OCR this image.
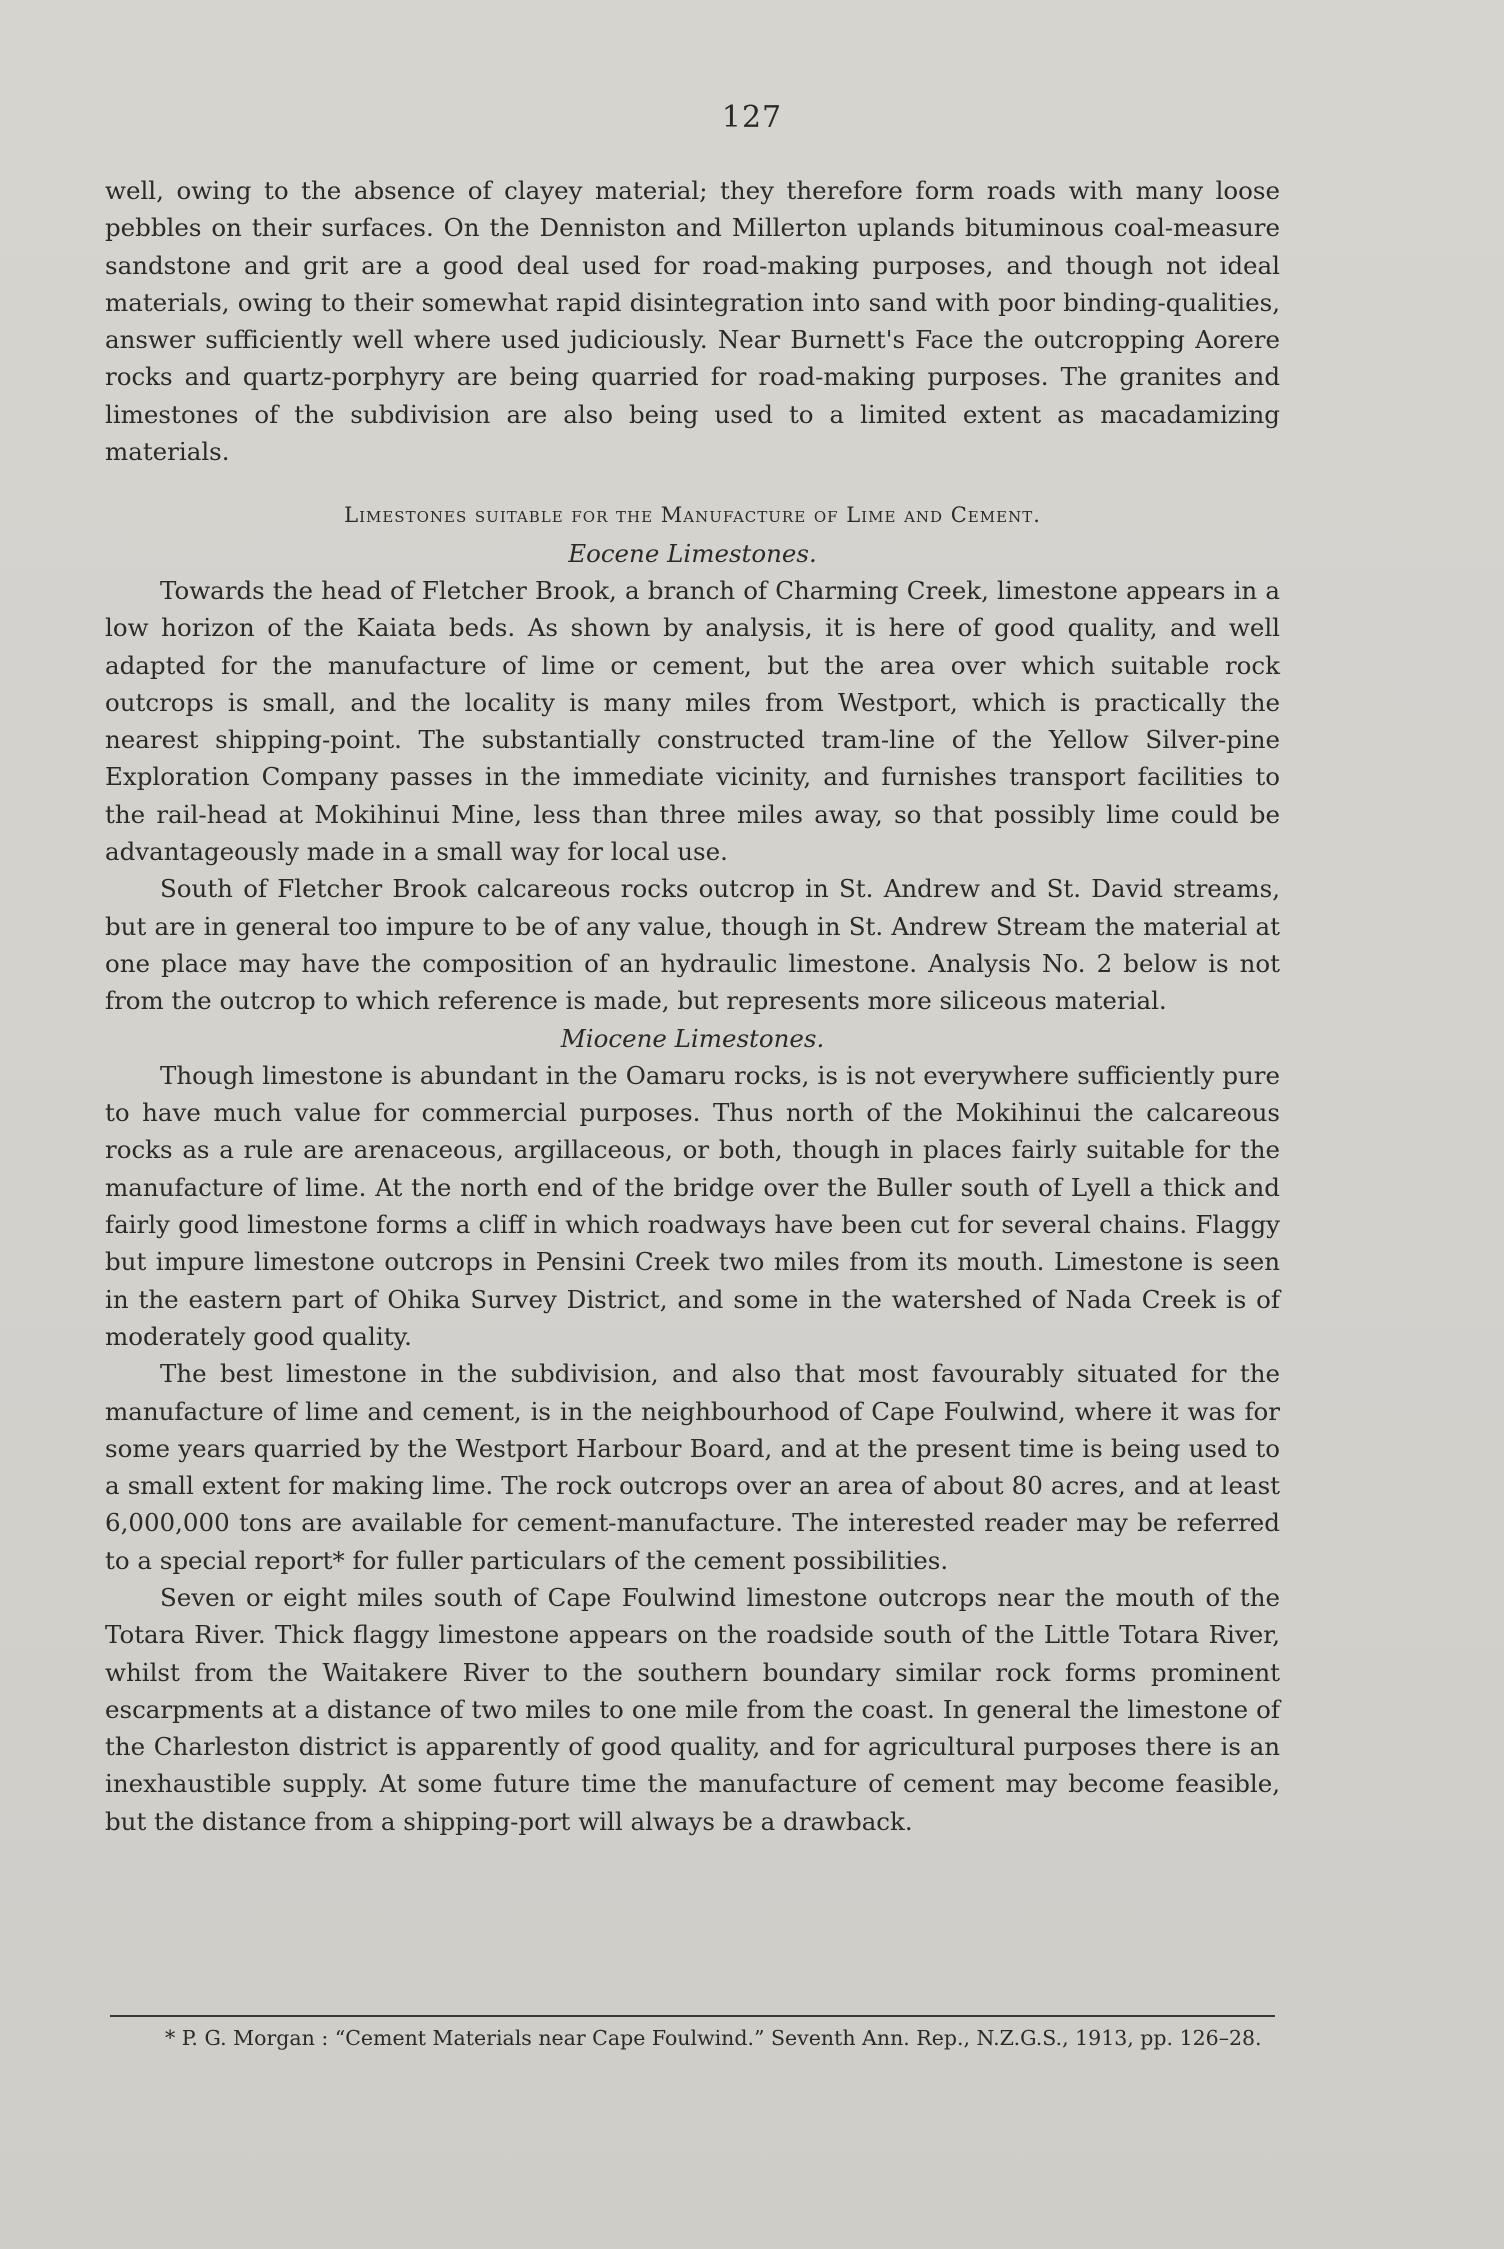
127

well, owing to the absence of clayey material; they therefore form roads with many loose pebbles on their surfaces. On the Denniston and Millerton uplands bituminous coal-measure sandstone and grit are a good deal used for road-making purposes, and though not ideal materials, owing to their somewhat rapid disintegration into sand with poor binding-qualities, answer sufficiently well where used judiciously. Near Burnett's Face the outcropping Aorere rocks and quartz-porphyry are being quarried for road-making purposes. The granites and limestones of the subdivision are also being used to a limited extent as macadamizing materials.

Limestones suitable for the Manufacture of Lime and Cement.

Eocene Limestones.

Towards the head of Fletcher Brook, a branch of Charming Creek, limestone appears in a low horizon of the Kaiata beds. As shown by analysis, it is here of good quality, and well adapted for the manufacture of lime or cement, but the area over which suitable rock outcrops is small, and the locality is many miles from Westport, which is practically the nearest shipping-point. The substantially constructed tram-line of the Yellow Silver-pine Exploration Company passes in the immediate vicinity, and furnishes transport facilities to the rail-head at Mokihinui Mine, less than three miles away, so that possibly lime could be advantageously made in a small way for local use.

South of Fletcher Brook calcareous rocks outcrop in St. Andrew and St. David streams, but are in general too impure to be of any value, though in St. Andrew Stream the material at one place may have the composition of an hydraulic limestone. Analysis No. 2 below is not from the outcrop to which reference is made, but represents more siliceous material.

Miocene Limestones.

Though limestone is abundant in the Oamaru rocks, is is not everywhere sufficiently pure to have much value for commercial purposes. Thus north of the Mokihinui the calcareous rocks as a rule are arenaceous, argillaceous, or both, though in places fairly suitable for the manufacture of lime. At the north end of the bridge over the Buller south of Lyell a thick and fairly good limestone forms a cliff in which roadways have been cut for several chains. Flaggy but impure limestone outcrops in Pensini Creek two miles from its mouth. Limestone is seen in the eastern part of Ohika Survey District, and some in the watershed of Nada Creek is of moderately good quality.

The best limestone in the subdivision, and also that most favourably situated for the manufacture of lime and cement, is in the neighbourhood of Cape Foulwind, where it was for some years quarried by the Westport Harbour Board, and at the present time is being used to a small extent for making lime. The rock outcrops over an area of about 80 acres, and at least 6,000,000 tons are available for cement-manufacture. The interested reader may be referred to a special report* for fuller particulars of the cement possibilities.

Seven or eight miles south of Cape Foulwind limestone outcrops near the mouth of the Totara River. Thick flaggy limestone appears on the roadside south of the Little Totara River, whilst from the Waitakere River to the southern boundary similar rock forms prominent escarpments at a distance of two miles to one mile from the coast. In general the limestone of the Charleston district is apparently of good quality, and for agricultural purposes there is an inexhaustible supply. At some future time the manufacture of cement may become feasible, but the distance from a shipping-port will always be a drawback.

* P. G. Morgan : “Cement Materials near Cape Foulwind.” Seventh Ann. Rep., N.Z.G.S., 1913, pp. 126–28.
